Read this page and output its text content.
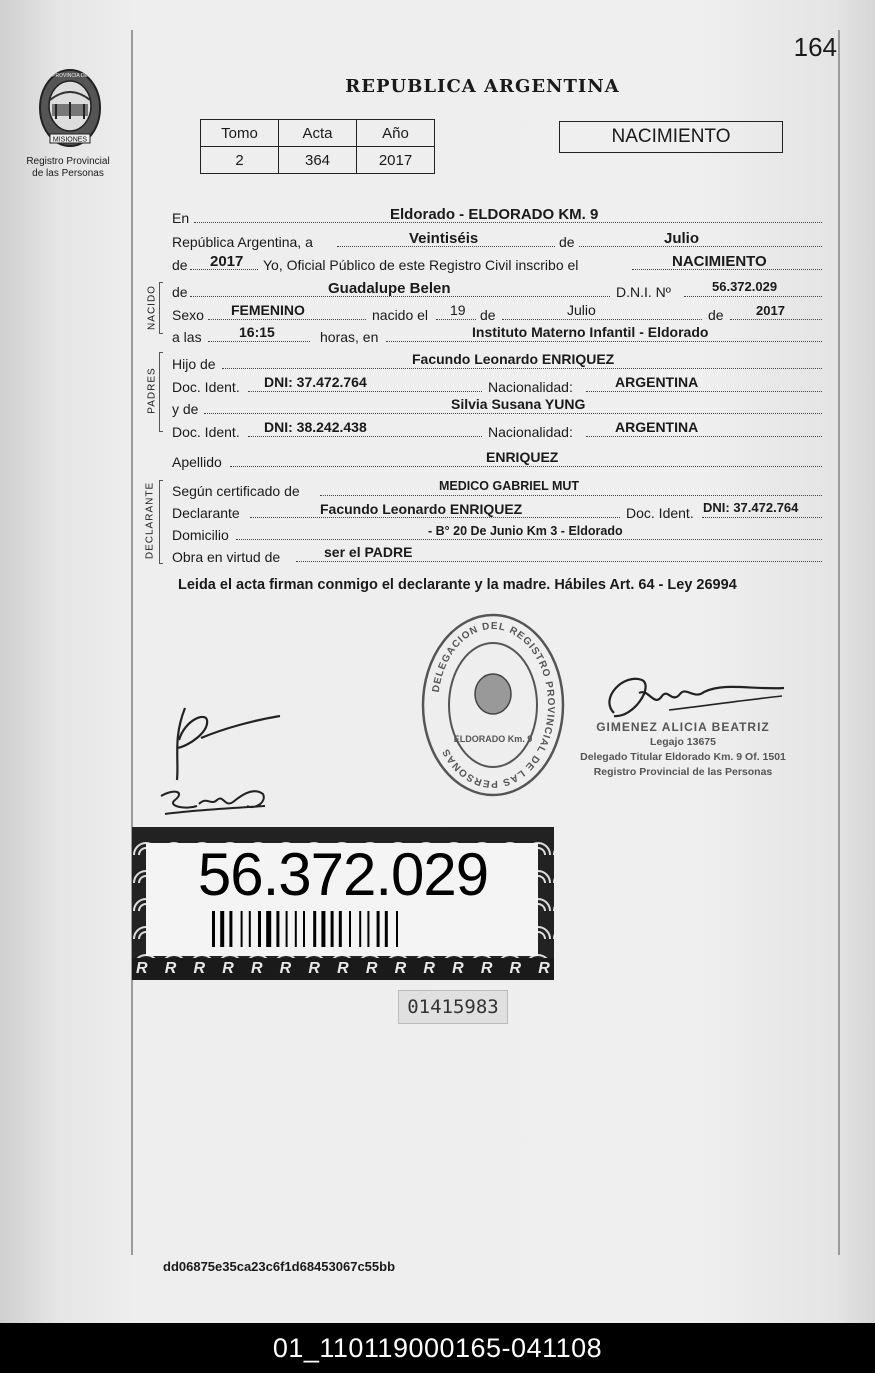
164
MISIONES
PROVINCIA DE
Registro Provincial
de las Personas
REPUBLICA ARGENTINA
Tomo	Acta	Año
2	364	2017
NACIMIENTO
En	Eldorado - ELDORADO KM. 9
República Argentina, a	Veintiséis	de	Julio
de 2017 Yo, Oficial Público de este Registro Civil inscribo el	NACIMIENTO
NACIDO de	Guadalupe Belen	D.N.I. Nº	56.372.029
Sexo FEMENINO	nacido el 19 de	Julio	de 2017
a las	16:15	horas, en	Instituto Materno Infantil - Eldorado
PADRES
Hijo de	Facundo Leonardo ENRIQUEZ
Doc. Ident. DNI: 37.472.764	Nacionalidad:	ARGENTINA
y de	Silvia Susana YUNG
Doc. Ident. DNI: 38.242.438	Nacionalidad:	ARGENTINA
Apellido	ENRIQUEZ
DECLARANTE Según certificado de	MEDICO GABRIEL MUT
Declarante	Facundo Leonardo ENRIQUEZ	Doc. Ident. DNI: 37.472.764
Domicilio	- B° 20 De Junio Km 3 - Eldorado
Obra en virtud de	ser el PADRE
Leida el acta firman conmigo el declarante y la madre. Hábiles Art. 64 - Ley 26994
DELEGACION DEL REGISTRO PROVINCIAL DE LAS PERSONAS
ELDORADO Km. 9
GIMENEZ ALICIA BEATRIZ
Legajo 13675
Delegado Titular Eldorado Km. 9 Of. 1501
Registro Provincial de las Personas
R R R R R R R R R R R R R R R
56.372.029
01415983
dd06875e35ca23c6f1d68453067c55bb
01_110119000165-041108
